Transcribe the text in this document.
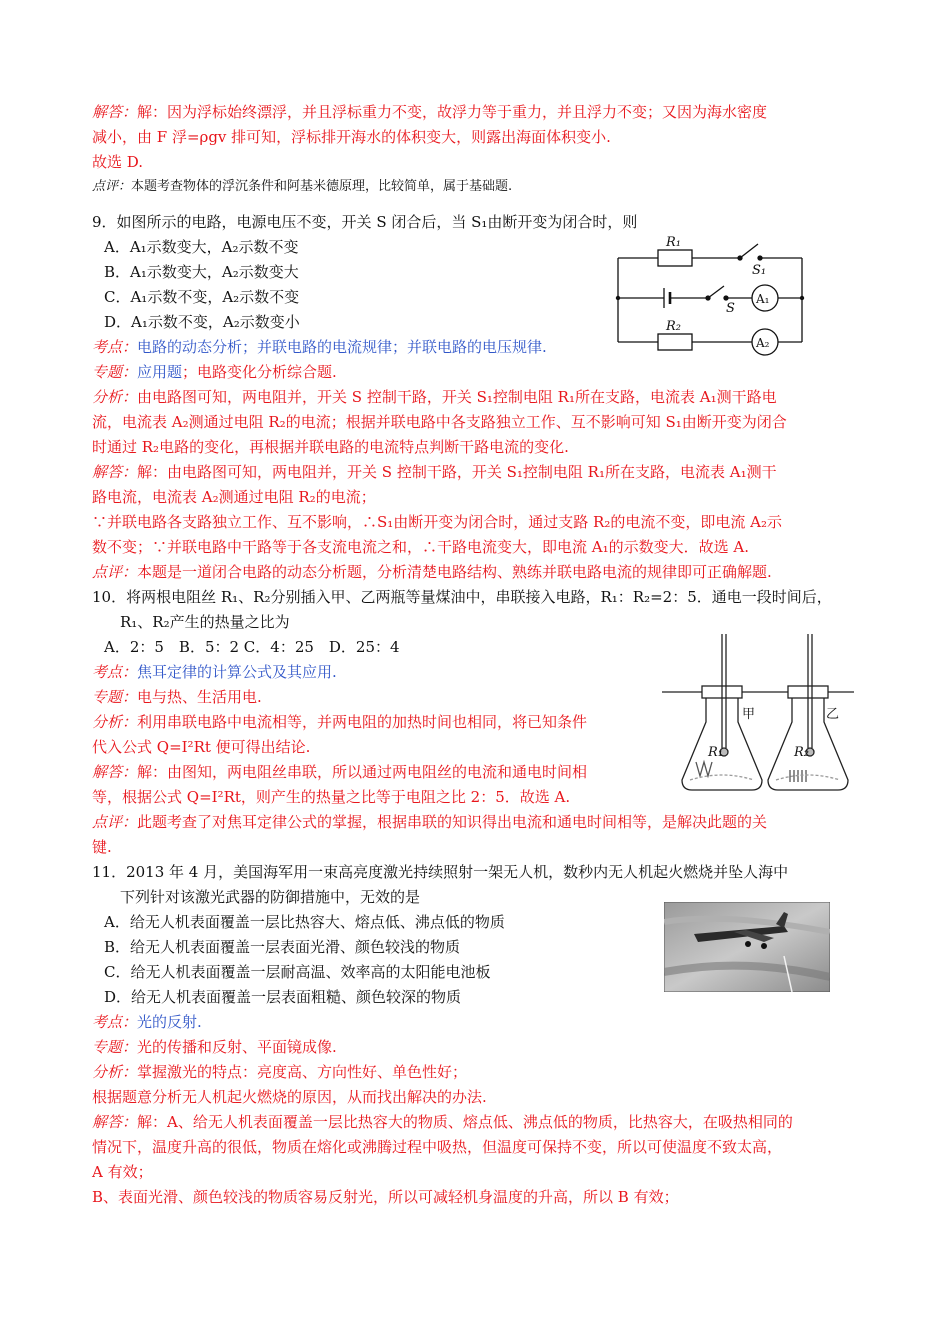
解答：解：因为浮标始终漂浮，并且浮标重力不变，故浮力等于重力，并且浮力不变；又因为海水密度
减小，由 F 浮=ρgv 排可知，浮标排开海水的体积变大，则露出海面体积变小.
故选 D.
点评：本题考查物体的浮沉条件和阿基米德原理，比较简单，属于基础题.
9．如图所示的电路，电源电压不变，开关 S 闭合后，当 S₁由断开变为闭合时，则
A．A₁示数变大，A₂示数不变
B．A₁示数变大，A₂示数变大
C．A₁示数不变，A₂示数不变
D．A₁示数不变，A₂示数变小
R₁
R₂
S₁
S
A₁
A₂
考点：电路的动态分析；并联电路的电流规律；并联电路的电压规律.
专题：应用题；电路变化分析综合题.
分析：由电路图可知，两电阻并，开关 S 控制干路，开关 S₁控制电阻 R₁所在支路，电流表 A₁测干路电
流，电流表 A₂测通过电阻 R₂的电流；根据并联电路中各支路独立工作、互不影响可知 S₁由断开变为闭合
时通过 R₂电路的变化，再根据并联电路的电流特点判断干路电流的变化.
解答：解：由电路图可知，两电阻并，开关 S 控制干路，开关 S₁控制电阻 R₁所在支路，电流表 A₁测干
路电流，电流表 A₂测通过电阻 R₂的电流；
∵并联电路各支路独立工作、互不影响，∴S₁由断开变为闭合时，通过支路 R₂的电流不变，即电流 A₂示
数不变；∵并联电路中干路等于各支流电流之和，∴干路电流变大，即电流 A₁的示数变大．故选 A.
点评：本题是一道闭合电路的动态分析题，分析清楚电路结构、熟练并联电路电流的规律即可正确解题.
10．将两根电阻丝 R₁、R₂分别插入甲、乙两瓶等量煤油中，串联接入电路，R₁：R₂=2：5．通电一段时间后，
R₁、R₂产生的热量之比为
A．2：5　B．5：2 C．4：25　D．25：4
考点：焦耳定律的计算公式及其应用.
专题：电与热、生活用电.
分析：利用串联电路中电流相等，并两电阻的加热时间也相同，将已知条件
代入公式 Q=I²Rt 便可得出结论.
解答：解：由图知，两电阻丝串联，所以通过两电阻丝的电流和通电时间相
等，根据公式 Q=I²Rt，则产生的热量之比等于电阻之比 2：5．故选 A.
点评：此题考查了对焦耳定律公式的掌握，根据串联的知识得出电流和通电时间相等，是解决此题的关
键.
甲	乙
R₁	R₂
11．2013 年 4 月，美国海军用一束高亮度激光持续照射一架无人机，数秒内无人机起火燃烧并坠人海中
下列针对该激光武器的防御措施中，无效的是
A．给无人机表面覆盖一层比热容大、熔点低、沸点低的物质
B．给无人机表面覆盖一层表面光滑、颜色较浅的物质
C．给无人机表面覆盖一层耐高温、效率高的太阳能电池板
D．给无人机表面覆盖一层表面粗糙、颜色较深的物质
考点：光的反射.
专题：光的传播和反射、平面镜成像.
分析：掌握激光的特点：亮度高、方向性好、单色性好；
根据题意分析无人机起火燃烧的原因，从而找出解决的办法.
解答：解：A、给无人机表面覆盖一层比热容大的物质、熔点低、沸点低的物质，比热容大，在吸热相同的
情况下，温度升高的很低，物质在熔化或沸腾过程中吸热，但温度可保持不变，所以可使温度不致太高，
A 有效；
B、表面光滑、颜色较浅的物质容易反射光，所以可减轻机身温度的升高，所以 B 有效；
